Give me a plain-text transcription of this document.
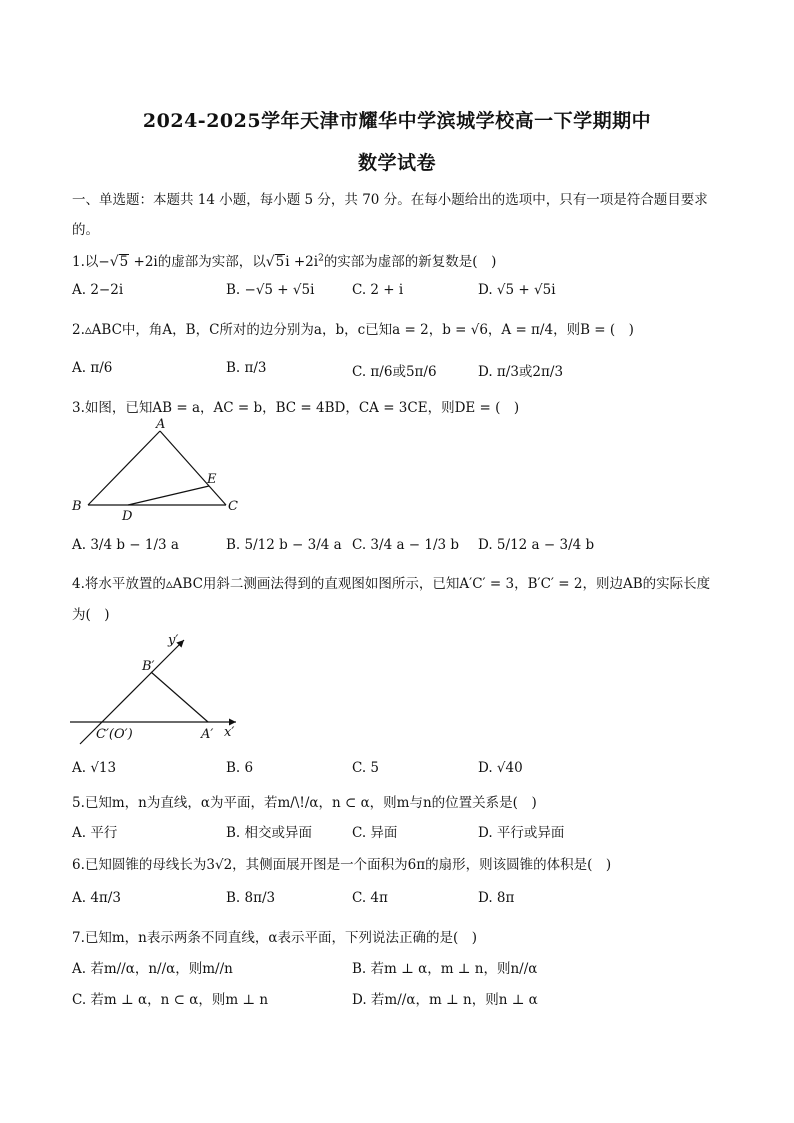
2024-2025学年天津市耀华中学滨城学校高一下学期期中
数学试卷
一、单选题：本题共 14 小题，每小题 5 分，共 70 分。在每小题给出的选项中，只有一项是符合题目要求
的。
1.以−√5 +2i的虚部为实部，以$√5i +2i^2$的实部为虚部的新复数是(　)
A. 2−2i	B. −√5 + √5i	C. 2 + i	D. √5 + √5i
2.▵ABC中，角A，B，C所对的边分别为a，b，c已知a = 2，b = √6，A = π/4，则B = (　)
A. π/6	B. π/3	C. π/6或5π/6	D. π/3或2π/3
3.如图，已知AB = a，AC = b，BC = 4BD，CA = 3CE，则DE = (　)
A
B	C
D
E
A. 3/4 b − 1/3 a	B. 5/12 b − 3/4 a C. 3/4 a − 1/3 b D. 5/12 a − 3/4 b
4.将水平放置的▵ABC用斜二测画法得到的直观图如图所示，已知A′C′ = 3，B′C′ = 2，则边AB的实际长度
为(　)
y′
B′
C′(O′)	A′ x′
A. √13	B. 6	C. 5	D. √40
5.已知m，n为直线，α为平面，若m/\!/α，n ⊂ α，则m与n的位置关系是(　)
A. 平行	B. 相交或异面	C. 异面	D. 平行或异面
6.已知圆锥的母线长为3√2，其侧面展开图是一个面积为6π的扇形，则该圆锥的体积是(　)
A. 4π/3	B. 8π/3	C. 4π	D. 8π
7.已知m，n表示两条不同直线，α表示平面，下列说法正确的是(　)
A. 若m//α，n//α，则m//n	B. 若m ⊥ α，m ⊥ n，则n//α
C. 若m ⊥ α，n ⊂ α，则m ⊥ n	D. 若m//α，m ⊥ n，则n ⊥ α
